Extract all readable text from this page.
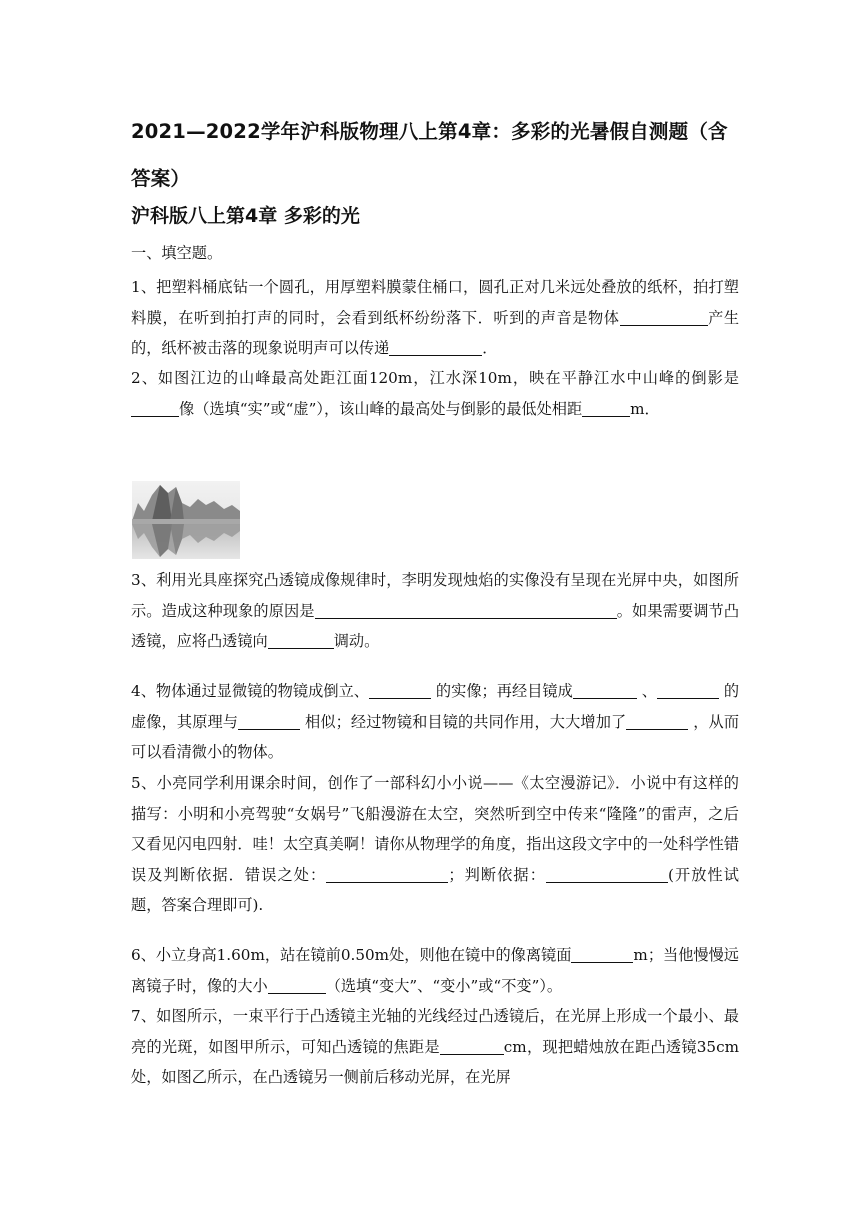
2021—2022学年沪科版物理八上第4章：多彩的光暑假自测题（含答案）
沪科版八上第4章 多彩的光

一、填空题。

1、把塑料桶底钻一个圆孔，用厚塑料膜蒙住桶口，圆孔正对几米远处叠放的纸杯，拍打塑料膜，在听到拍打声的同时，会看到纸杯纷纷落下．听到的声音是物体	产生的，纸杯被击落的现象说明声可以传递	．

2、如图江边的山峰最高处距江面120m，江水深10m，映在平静江水中山峰的倒影是像（选填“实”或“虚”），该山峰的最高处与倒影的最低处相距	m．

3、利用光具座探究凸透镜成像规律时，李明发现烛焰的实像没有呈现在光屏中央，如图所示。造成这种现象的原因是	。如果需要调节凸透镜，应将凸透镜向	调动。

4、物体通过显微镜的物镜成倒立、	的实像；再经目镜成	、	的虚像，其原理与	相似；经过物镜和目镜的共同作用，大大增加了	，从而可以看清微小的物体。

5、小亮同学利用课余时间，创作了一部科幻小小说——《太空漫游记》．小说中有这样的描写：小明和小亮驾驶“女娲号”飞船漫游在太空，突然听到空中传来“隆隆”的雷声，之后又看见闪电四射．哇！太空真美啊！请你从物理学的角度，指出这段文字中的一处科学性错误及判断依据．错误之处：	；判断依据：	(开放性试题，答案合理即可).

6、小立身高1.60m，站在镜前0.50m处，则他在镜中的像离镜面	m；当他慢慢远离镜子时，像的大小	（选填“变大”、“变小”或“不变”）。

7、如图所示，一束平行于凸透镜主光轴的光线经过凸透镜后，在光屏上形成一个最小、最亮的光斑，如图甲所示，可知凸透镜的焦距是	cm，现把蜡烛放在距凸透镜35cm处，如图乙所示，在凸透镜另一侧前后移动光屏，在光屏
